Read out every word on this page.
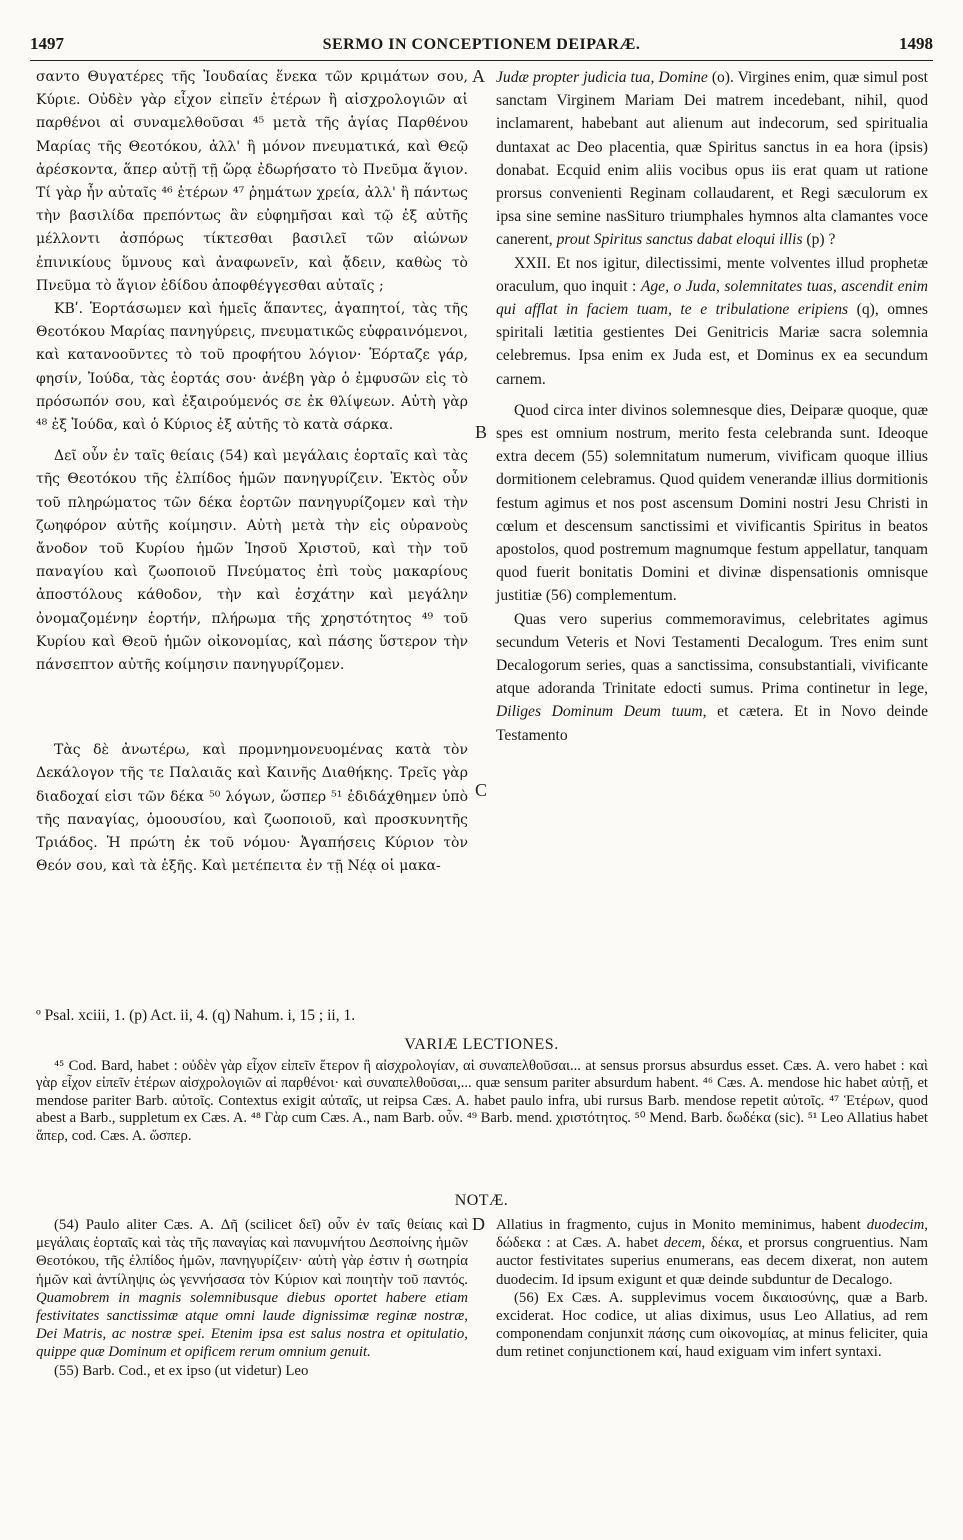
1497	SERMO IN CONCEPTIONEM DEIPARÆ.	1498
A
B
C
D

σαντο Θυγατέρες τῆς Ἰουδαίας ἕνεκα τῶν κριμάτων σου, Κύριε. Οὐδὲν γὰρ εἶχον εἰπεῖν ἑτέρων ἢ αἰσχρολογιῶν αἱ παρθένοι αἱ συναμελθοῦσαι ⁴⁵ μετὰ τῆς ἁγίας Παρθένου Μαρίας τῆς Θεοτόκου, ἀλλ' ἢ μόνον πνευματικά, καὶ Θεῷ ἀρέσκοντα, ἅπερ αὐτῇ τῇ ὥρᾳ ἐδωρήσατο τὸ Πνεῦμα ἅγιον. Τί γὰρ ἦν αὐταῖς ⁴⁶ ἑτέρων ⁴⁷ ῥημάτων χρεία, ἀλλ' ἢ πάντως τὴν βασιλίδα πρεπόντως ἂν εὐφημῆσαι καὶ τῷ ἐξ αὐτῆς μέλλοντι ἀσπόρως τίκτεσθαι βασιλεῖ τῶν αἰώνων ἐπινικίους ὕμνους καὶ ἀναφωνεῖν, καὶ ᾄδειν, καθὼς τὸ Πνεῦμα τὸ ἅγιον ἐδίδου ἀποφθέγγεσθαι αὐταῖς ;

ΚΒʹ. Ἑορτάσωμεν καὶ ἡμεῖς ἅπαντες, ἀγαπητοί, τὰς τῆς Θεοτόκου Μαρίας πανηγύρεις, πνευματικῶς εὐφραινόμενοι, καὶ κατανοοῦντες τὸ τοῦ προφήτου λόγιον· Ἑόρταζε γάρ, φησίν, Ἰούδα, τὰς ἑορτάς σου· ἀνέβη γὰρ ὁ ἐμφυσῶν εἰς τὸ πρόσωπόν σου, καὶ ἐξαιρούμενός σε ἐκ θλίψεων. Αὐτὴ γὰρ ⁴⁸ ἐξ Ἰούδα, καὶ ὁ Κύριος ἐξ αὐτῆς τὸ κατὰ σάρκα.

Δεῖ οὖν ἐν ταῖς θείαις (54) καὶ μεγάλαις ἑορταῖς καὶ τὰς τῆς Θεοτόκου τῆς ἐλπίδος ἡμῶν πανηγυρίζειν. Ἐκτὸς οὖν τοῦ πληρώματος τῶν δέκα ἑορτῶν πανηγυρίζομεν καὶ τὴν ζωηφόρον αὐτῆς κοίμησιν. Αὐτὴ μετὰ τὴν εἰς οὐρανοὺς ἄνοδον τοῦ Κυρίου ἡμῶν Ἰησοῦ Χριστοῦ, καὶ τὴν τοῦ παναγίου καὶ ζωοποιοῦ Πνεύματος ἐπὶ τοὺς μακαρίους ἀποστόλους κάθοδον, τὴν καὶ ἐσχάτην καὶ μεγάλην ὀνομαζομένην ἑορτήν, πλήρωμα τῆς χρηστότητος ⁴⁹ τοῦ Κυρίου καὶ Θεοῦ ἡμῶν οἰκονομίας, καὶ πάσης ὕστερον τὴν πάνσεπτον αὐτῆς κοίμησιν πανηγυρίζομεν.

Τὰς δὲ ἀνωτέρω, καὶ προμνημονευομένας κατὰ τὸν Δεκάλογον τῆς τε Παλαιᾶς καὶ Καινῆς Διαθήκης. Τρεῖς γὰρ διαδοχαί εἰσι τῶν δέκα ⁵⁰ λόγων, ὥσπερ ⁵¹ ἐδιδάχθημεν ὑπὸ τῆς παναγίας, ὁμοουσίου, καὶ ζωοποιοῦ, καὶ προσκυνητῆς Τριάδος. Ἡ πρώτη ἐκ τοῦ νόμου· Ἀγαπήσεις Κύριον τὸν Θεόν σου, καὶ τὰ ἑξῆς. Καὶ μετέπειτα ἐν τῇ Νέᾳ οἱ μακα-

Judæ propter judicia tua, Domine (o). Virgines enim, quæ simul post sanctam Virginem Mariam Dei matrem incedebant, nihil, quod inclamarent, habebant aut alienum aut indecorum, sed spiritualia duntaxat ac Deo placentia, quæ Spiritus sanctus in ea hora (ipsis) donabat. Ecquid enim aliis vocibus opus iis erat quam ut ratione prorsus convenienti Reginam collaudarent, et Regi sæculorum ex ipsa sine semine nasSituro triumphales hymnos alta clamantes voce canerent, prout Spiritus sanctus dabat eloqui illis (p) ?

XXII. Et nos igitur, dilectissimi, mente volventes illud prophetæ oraculum, quo inquit : Age, o Juda, solemnitates tuas, ascendit enim qui afflat in faciem tuam, te e tribulatione eripiens (q), omnes spiritali lætitia gestientes Dei Genitricis Mariæ sacra solemnia celebremus. Ipsa enim ex Juda est, et Dominus ex ea secundum carnem.

Quod circa inter divinos solemnesque dies, Deiparæ quoque, quæ spes est omnium nostrum, merito festa celebranda sunt. Ideoque extra decem (55) solemnitatum numerum, vivificam quoque illius dormitionem celebramus. Quod quidem venerandæ illius dormitionis festum agimus et nos post ascensum Domini nostri Jesu Christi in cœlum et descensum sanctissimi et vivificantis Spiritus in beatos apostolos, quod postremum magnumque festum appellatur, tanquam quod fuerit bonitatis Domini et divinæ dispensationis omnisque justitiæ (56) complementum.

Quas vero superius commemoravimus, celebritates agimus secundum Veteris et Novi Testamenti Decalogum. Tres enim sunt Decalogorum series, quas a sanctissima, consubstantiali, vivificante atque adoranda Trinitate edocti sumus. Prima continetur in lege, Diliges Dominum Deum tuum, et cætera. Et in Novo deinde Testamento

º Psal. xciii, 1. (p) Act. ii, 4. (q) Nahum. i, 15 ; ii, 1.
VARIÆ LECTIONES.

⁴⁵ Cod. Bard, habet : οὐδὲν γὰρ εἶχον εἰπεῖν ἕτερον ἢ αἰσχρολογίαν, αἱ συναπελθοῦσαι... at sensus prorsus absurdus esset. Cæs. A. vero habet : καὶ γὰρ εἶχον εἰπεῖν ἑτέρων αἰσχρολογιῶν αἱ παρθένοι· καὶ συναπελθοῦσαι,... quæ sensum pariter absurdum habent. ⁴⁶ Cæs. A. mendose hic habet αὐτῇ, et mendose pariter Barb. αὐτοῖς. Contextus exigit αὐταῖς, ut reipsa Cæs. A. habet paulo infra, ubi rursus Barb. mendose repetit αὐτοῖς. ⁴⁷ Ἑτέρων, quod abest a Barb., suppletum ex Cæs. A. ⁴⁸ Γὰρ cum Cæs. A., nam Barb. οὖν. ⁴⁹ Barb. mend. χριστότητος. ⁵⁰ Mend. Barb. δωδέκα (sic). ⁵¹ Leo Allatius habet ἅπερ, cod. Cæs. A. ὥσπερ.

NOTÆ.

(54) Paulo aliter Cæs. A. Δῆ (scilicet δεῖ) οὖν ἐν ταῖς θείαις καὶ μεγάλαις ἑορταῖς καὶ τὰς τῆς παναγίας καὶ πανυμνήτου Δεσποίνης ἡμῶν Θεοτόκου, τῆς ἐλπίδος ἡμῶν, πανηγυρίζειν· αὐτὴ γὰρ ἐστιν ἡ σωτηρία ἡμῶν καὶ ἀντίληψις ὡς γεννήσασα τὸν Κύριον καὶ ποιητὴν τοῦ παντός. Quamobrem in magnis solemnibusque diebus oportet habere etiam festivitates sanctissimæ atque omni laude dignissimæ reginæ nostræ, Dei Matris, ac nostræ spei. Etenim ipsa est salus nostra et opitulatio, quippe quæ Dominum et opificem rerum omnium genuit.

(55) Barb. Cod., et ex ipso (ut videtur) Leo

Allatius in fragmento, cujus in Monito meminimus, habent duodecim, δώδεκα : at Cæs. A. habet decem, δέκα, et prorsus congruentius. Nam auctor festivitates superius enumerans, eas decem dixerat, non autem duodecim. Id ipsum exigunt et quæ deinde subduntur de Decalogo.

(56) Ex Cæs. A. supplevimus vocem δικαιοσύνης, quæ a Barb. exciderat. Hoc codice, ut alias diximus, usus Leo Allatius, ad rem componendam conjunxit πάσης cum οἰκονομίας, at minus feliciter, quia dum retinet conjunctionem καί, haud exiguam vim infert syntaxi.
